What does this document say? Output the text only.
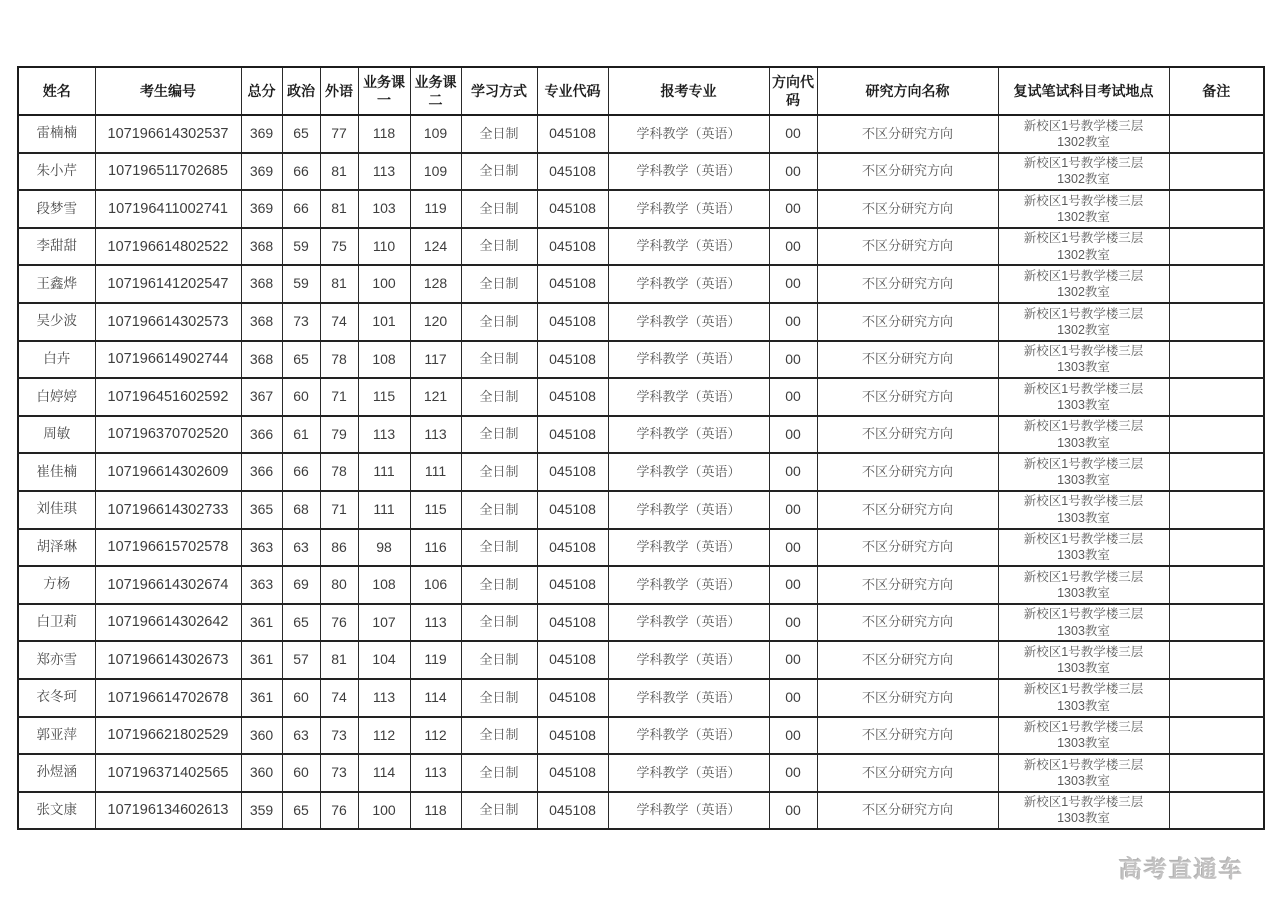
姓名	考生编号	总分	政治	外语	业务课一	业务课二	学习方式	专业代码	报考专业	方向代码	研究方向名称	复试笔试科目考试地点	备注
雷楠楠	107196614302537	369	65	77	118	109	全日制	045108	学科教学（英语）	00	不区分研究方向	新校区1号教学楼三层
1302教室	

朱小芹	107196511702685	369	66	81	113	109	全日制	045108	学科教学（英语）	00	不区分研究方向	新校区1号教学楼三层
1302教室	

段梦雪	107196411002741	369	66	81	103	119	全日制	045108	学科教学（英语）	00	不区分研究方向	新校区1号教学楼三层
1302教室	

李甜甜	107196614802522	368	59	75	110	124	全日制	045108	学科教学（英语）	00	不区分研究方向	新校区1号教学楼三层
1302教室	

王鑫烨	107196141202547	368	59	81	100	128	全日制	045108	学科教学（英语）	00	不区分研究方向	新校区1号教学楼三层
1302教室	

吴少波	107196614302573	368	73	74	101	120	全日制	045108	学科教学（英语）	00	不区分研究方向	新校区1号教学楼三层
1302教室	

白卉	107196614902744	368	65	78	108	117	全日制	045108	学科教学（英语）	00	不区分研究方向	新校区1号教学楼三层
1303教室	

白婷婷	107196451602592	367	60	71	115	121	全日制	045108	学科教学（英语）	00	不区分研究方向	新校区1号教学楼三层
1303教室	

周敏	107196370702520	366	61	79	113	113	全日制	045108	学科教学（英语）	00	不区分研究方向	新校区1号教学楼三层
1303教室	

崔佳楠	107196614302609	366	66	78	111	111	全日制	045108	学科教学（英语）	00	不区分研究方向	新校区1号教学楼三层
1303教室	

刘佳琪	107196614302733	365	68	71	111	115	全日制	045108	学科教学（英语）	00	不区分研究方向	新校区1号教学楼三层
1303教室	

胡泽琳	107196615702578	363	63	86	98	116	全日制	045108	学科教学（英语）	00	不区分研究方向	新校区1号教学楼三层
1303教室	

方杨	107196614302674	363	69	80	108	106	全日制	045108	学科教学（英语）	00	不区分研究方向	新校区1号教学楼三层
1303教室	

白卫莉	107196614302642	361	65	76	107	113	全日制	045108	学科教学（英语）	00	不区分研究方向	新校区1号教学楼三层
1303教室	

郑亦雪	107196614302673	361	57	81	104	119	全日制	045108	学科教学（英语）	00	不区分研究方向	新校区1号教学楼三层
1303教室	

衣冬珂	107196614702678	361	60	74	113	114	全日制	045108	学科教学（英语）	00	不区分研究方向	新校区1号教学楼三层
1303教室	

郭亚萍	107196621802529	360	63	73	112	112	全日制	045108	学科教学（英语）	00	不区分研究方向	新校区1号教学楼三层
1303教室	

孙煜涵	107196371402565	360	60	73	114	113	全日制	045108	学科教学（英语）	00	不区分研究方向	新校区1号教学楼三层
1303教室	

张文康	107196134602613	359	65	76	100	118	全日制	045108	学科教学（英语）	00	不区分研究方向	新校区1号教学楼三层
1303教室	

高考直通车
